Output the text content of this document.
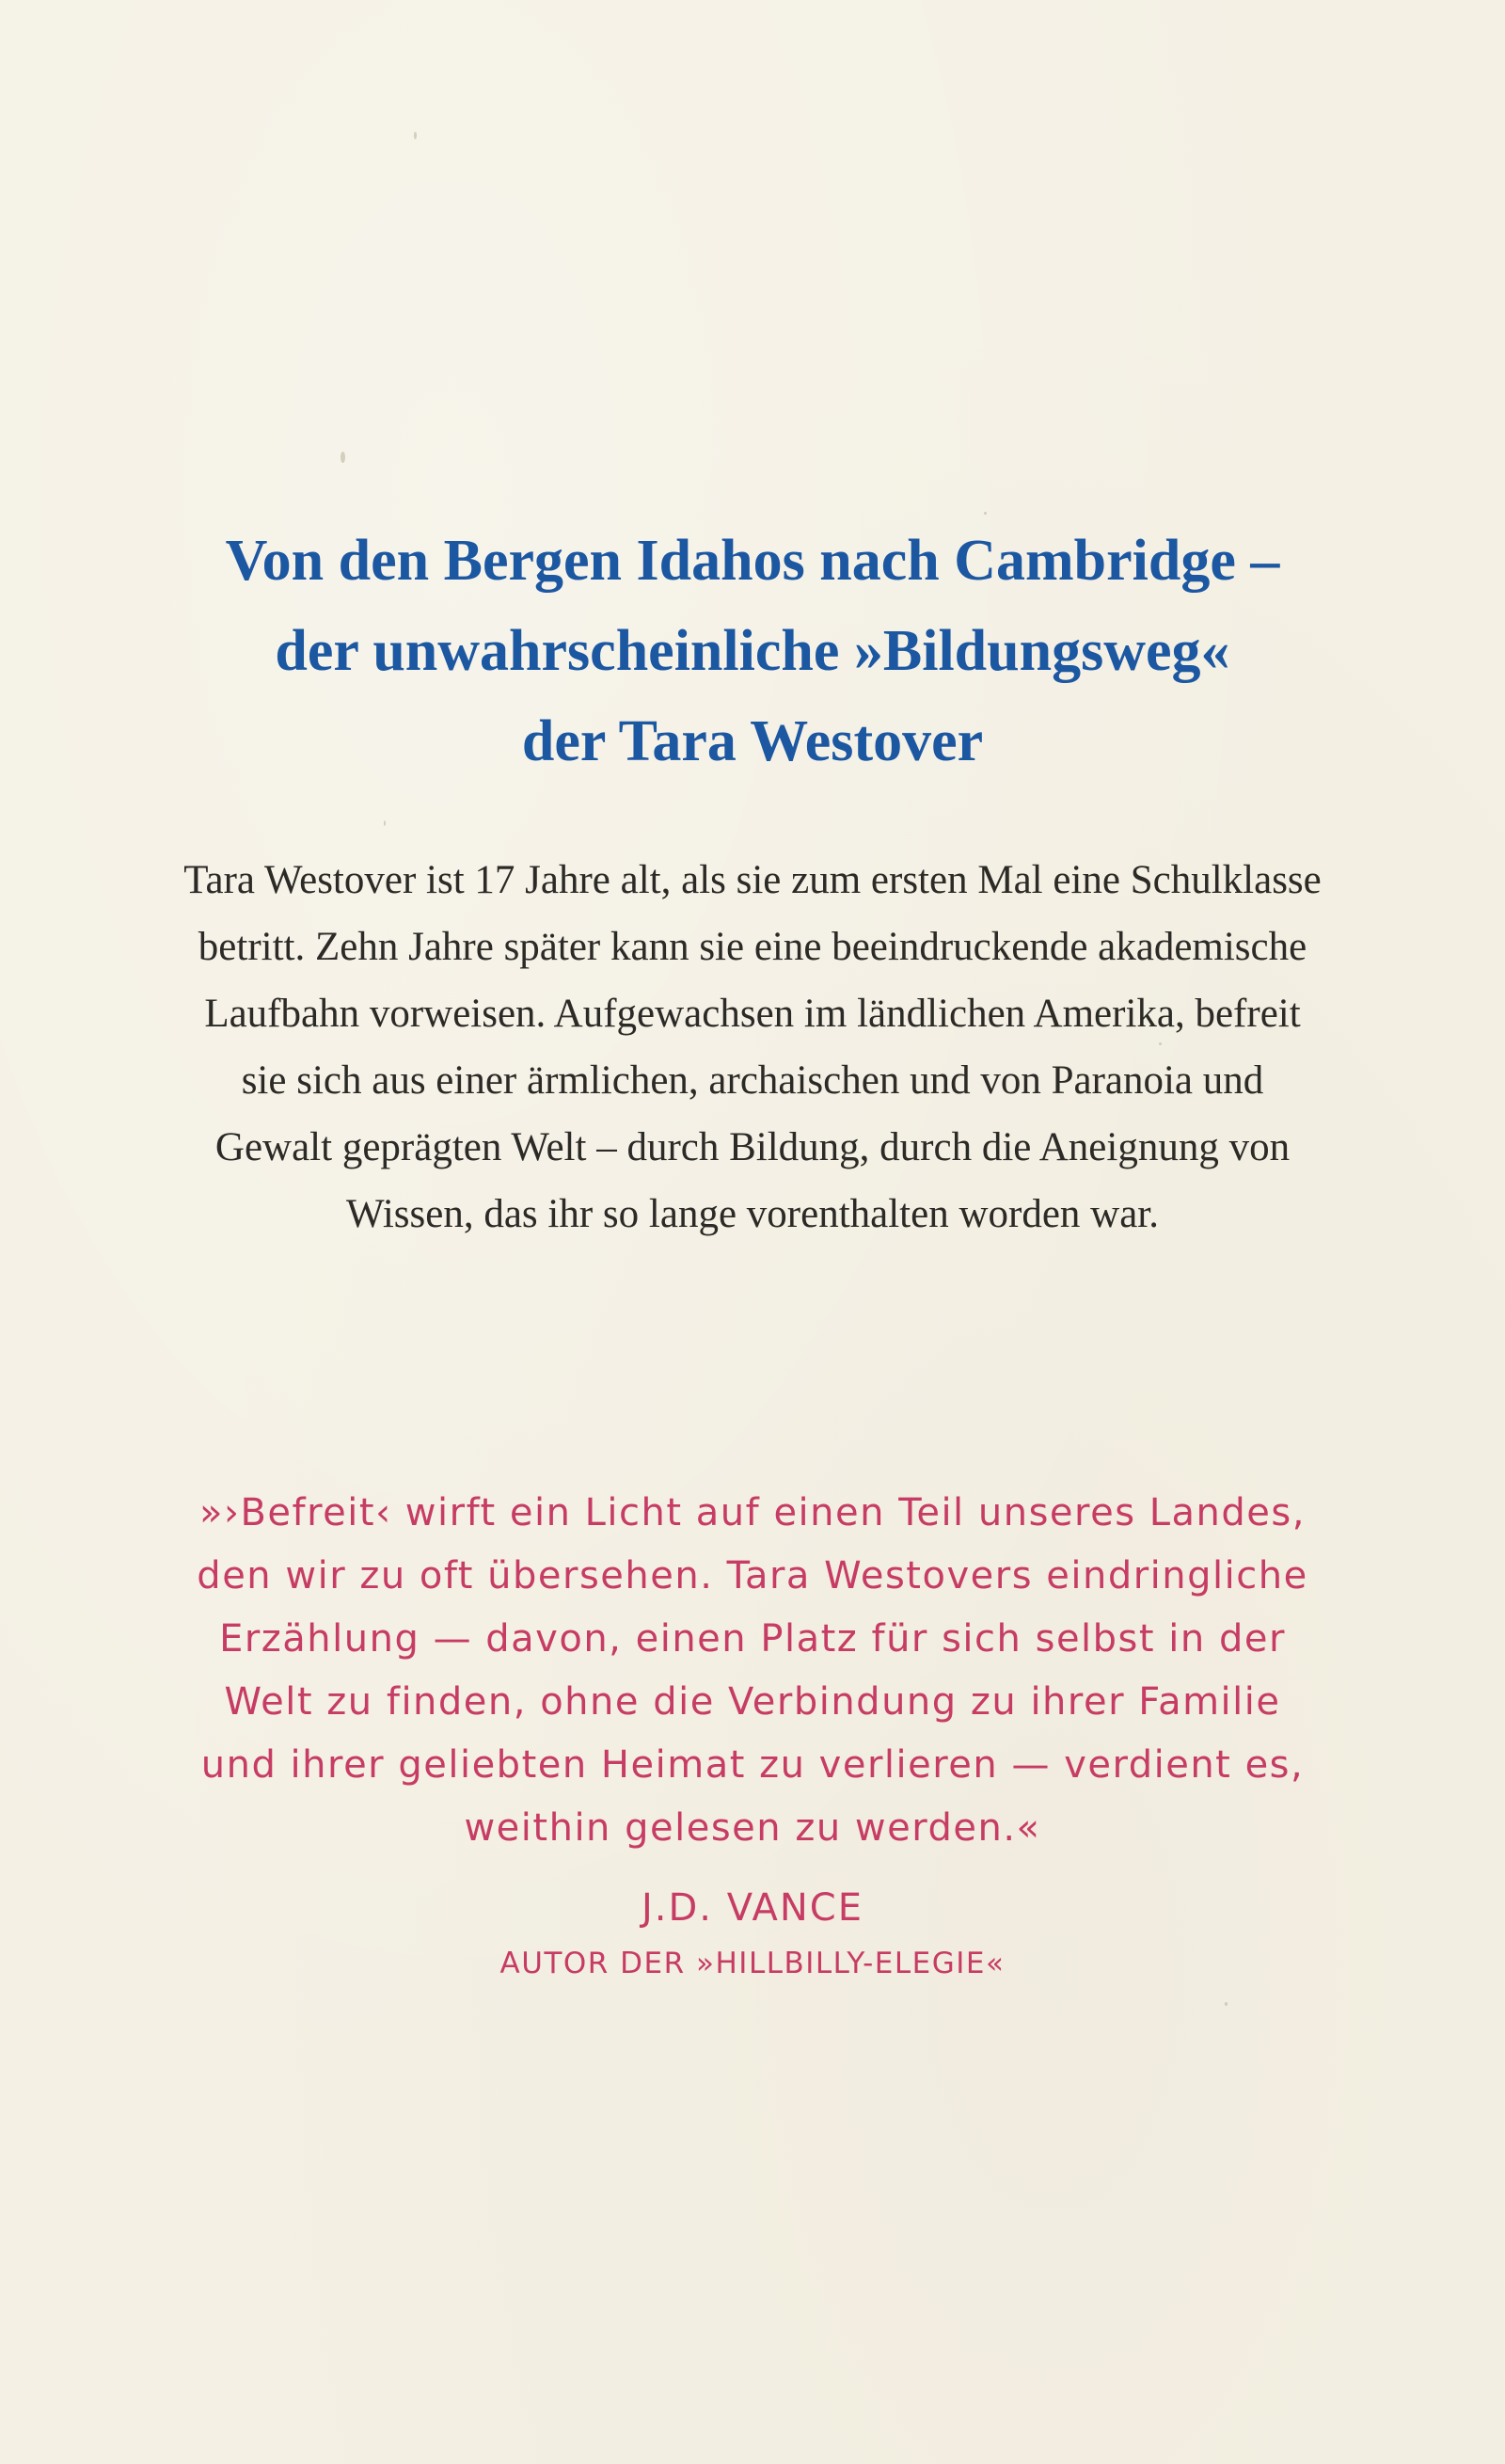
Von den Bergen Idahos nach Cambridge –
der unwahrscheinliche »Bildungsweg«
der Tara Westover

Tara Westover ist 17 Jahre alt, als sie zum ersten Mal eine Schulklasse
betritt. Zehn Jahre später kann sie eine beeindruckende akademische
Laufbahn vorweisen. Aufgewachsen im ländlichen Amerika, befreit
sie sich aus einer ärmlichen, archaischen und von Paranoia und
Gewalt geprägten Welt – durch Bildung, durch die Aneignung von
Wissen, das ihr so lange vorenthalten worden war.

»›Befreit‹ wirft ein Licht auf einen Teil unseres Landes,
den wir zu oft übersehen. Tara Westovers eindringliche
Erzählung — davon, einen Platz für sich selbst in der
Welt zu finden, ohne die Verbindung zu ihrer Familie
und ihrer geliebten Heimat zu verlieren — verdient es,
weithin gelesen zu werden.«

J.D. VANCE

AUTOR DER »HILLBILLY-ELEGIE«
